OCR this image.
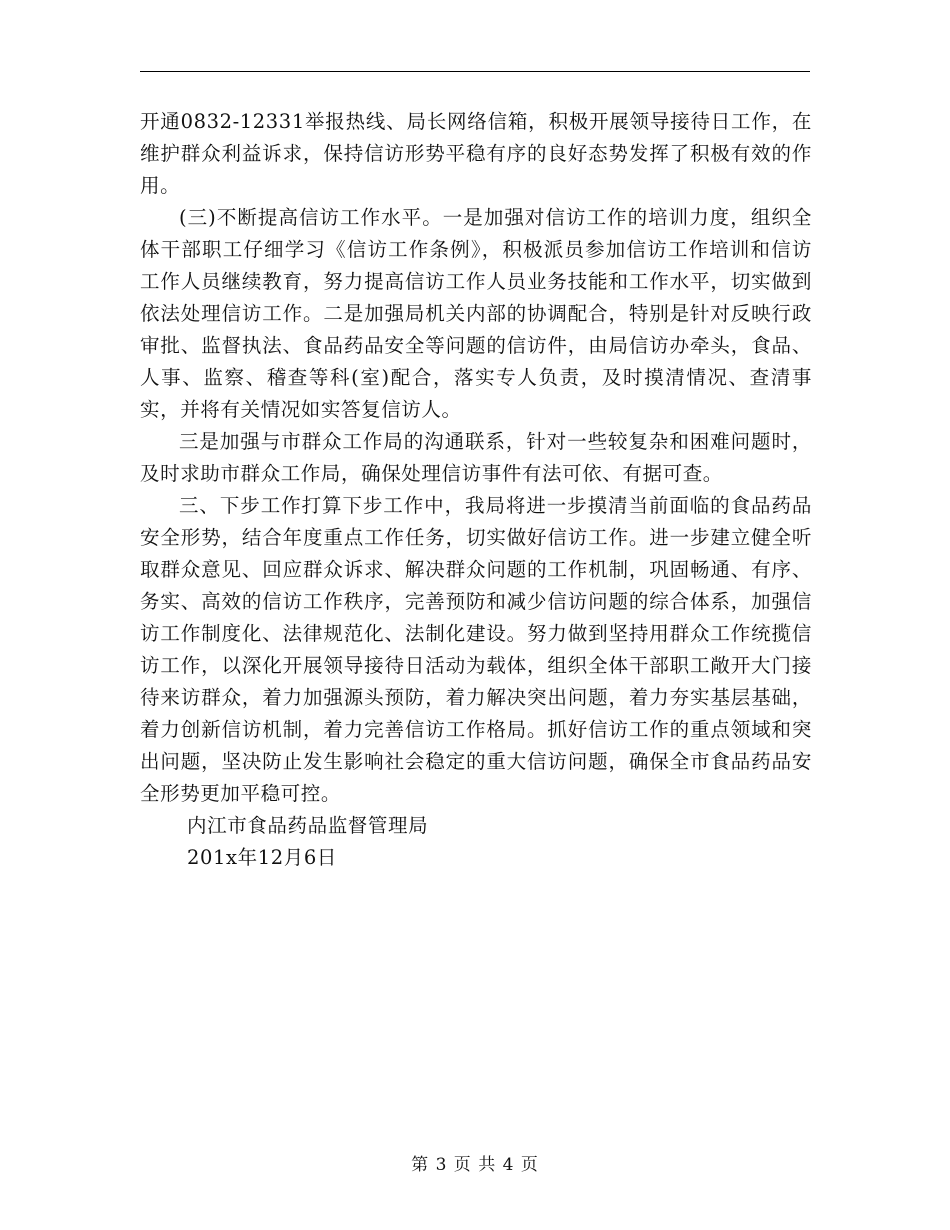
开通0832-12331举报热线、局长网络信箱，积极开展领导接待日工作，在维护群众利益诉求，保持信访形势平稳有序的良好态势发挥了积极有效的作用。

(三)不断提高信访工作水平。一是加强对信访工作的培训力度，组织全体干部职工仔细学习《信访工作条例》，积极派员参加信访工作培训和信访工作人员继续教育，努力提高信访工作人员业务技能和工作水平，切实做到依法处理信访工作。二是加强局机关内部的协调配合，特别是针对反映行政审批、监督执法、食品药品安全等问题的信访件，由局信访办牵头，食品、人事、监察、稽查等科(室)配合，落实专人负责，及时摸清情况、查清事实，并将有关情况如实答复信访人。

三是加强与市群众工作局的沟通联系，针对一些较复杂和困难问题时，及时求助市群众工作局，确保处理信访事件有法可依、有据可查。

三、下步工作打算下步工作中，我局将进一步摸清当前面临的食品药品安全形势，结合年度重点工作任务，切实做好信访工作。进一步建立健全听取群众意见、回应群众诉求、解决群众问题的工作机制，巩固畅通、有序、务实、高效的信访工作秩序，完善预防和减少信访问题的综合体系，加强信访工作制度化、法律规范化、法制化建设。努力做到坚持用群众工作统揽信访工作，以深化开展领导接待日活动为载体，组织全体干部职工敞开大门接待来访群众，着力加强源头预防，着力解决突出问题，着力夯实基层基础，着力创新信访机制，着力完善信访工作格局。抓好信访工作的重点领域和突出问题，坚决防止发生影响社会稳定的重大信访问题，确保全市食品药品安全形势更加平稳可控。

内江市食品药品监督管理局

201x年12月6日

第 3 页 共 4 页
